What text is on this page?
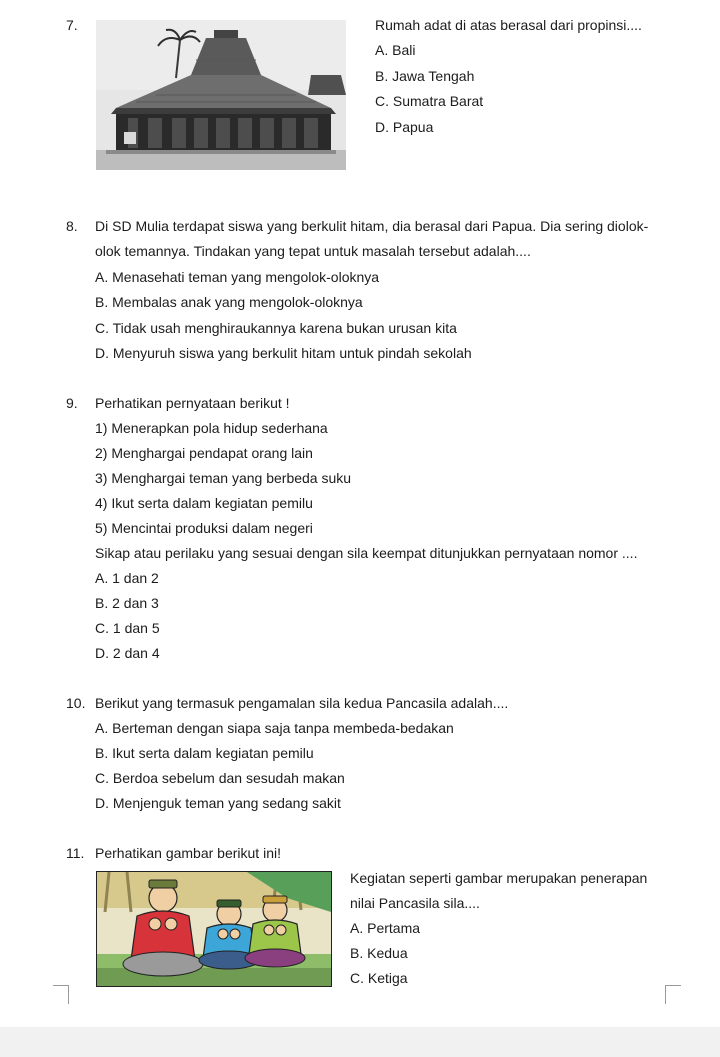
7.	Rumah adat di atas berasal dari propinsi....
A. Bali
B. Jawa Tengah
C. Sumatra Barat
D. Papua
8. Di SD Mulia terdapat siswa yang berkulit hitam, dia berasal dari Papua. Dia sering diolok-
olok temannya. Tindakan yang tepat untuk masalah tersebut adalah....
A. Menasehati teman yang mengolok-oloknya
B. Membalas anak yang mengolok-oloknya
C. Tidak usah menghiraukannya karena bukan urusan kita
D. Menyuruh siswa yang berkulit hitam untuk pindah sekolah
9. Perhatikan pernyataan berikut !
1) Menerapkan pola hidup sederhana
2) Menghargai pendapat orang lain
3) Menghargai teman yang berbeda suku
4) Ikut serta dalam kegiatan pemilu
5) Mencintai produksi dalam negeri
Sikap atau perilaku yang sesuai dengan sila keempat ditunjukkan pernyataan nomor ....
A. 1 dan 2
B. 2 dan 3
C. 1 dan 5
D. 2 dan 4
10. Berikut yang termasuk pengamalan sila kedua Pancasila adalah....
A. Berteman dengan siapa saja tanpa membeda-bedakan
B. Ikut serta dalam kegiatan pemilu
C. Berdoa sebelum dan sesudah makan
D. Menjenguk teman yang sedang sakit
11. Perhatikan gambar berikut ini!
Kegiatan seperti gambar merupakan penerapan
nilai Pancasila sila....
A. Pertama
B. Kedua
C. Ketiga
